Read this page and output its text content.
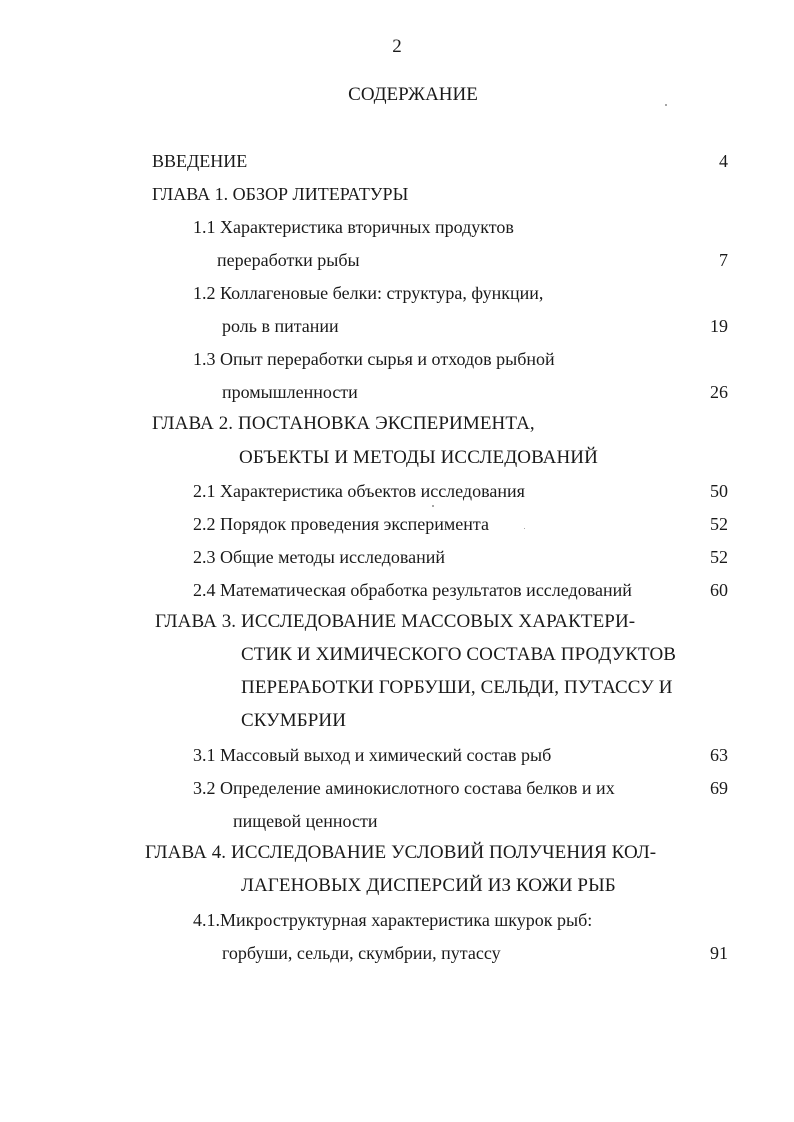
2
СОДЕРЖАНИЕ
ВВЕДЕНИЕ	4
ГЛАВА 1. ОБЗОР ЛИТЕРАТУРЫ
1.1 Характеристика вторичных продуктов
переработки рыбы	7
1.2 Коллагеновые белки: структура, функции,
роль в питании	19
1.3 Опыт переработки сырья и отходов рыбной
промышленности	26
ГЛАВА 2. ПОСТАНОВКА ЭКСПЕРИМЕНТА,
ОБЪЕКТЫ И МЕТОДЫ ИССЛЕДОВАНИЙ
2.1 Характеристика объектов исследования	50
2.2 Порядок проведения эксперимента	52
2.3 Общие методы исследований	52
2.4 Математическая обработка результатов исследований	60
ГЛАВА 3. ИССЛЕДОВАНИЕ МАССОВЫХ ХАРАКТЕРИ-
СТИК И ХИМИЧЕСКОГО СОСТАВА ПРОДУКТОВ
ПЕРЕРАБОТКИ ГОРБУШИ, СЕЛЬДИ, ПУТАССУ И
СКУМБРИИ
3.1 Массовый выход и химический состав рыб	63
3.2 Определение аминокислотного состава белков и их	69
пищевой ценности
ГЛАВА 4. ИССЛЕДОВАНИЕ УСЛОВИЙ ПОЛУЧЕНИЯ КОЛ-
ЛАГЕНОВЫХ ДИСПЕРСИЙ ИЗ КОЖИ РЫБ
4.1.Микроструктурная характеристика шкурок рыб:
горбуши, сельди, скумбрии, путассу	91
